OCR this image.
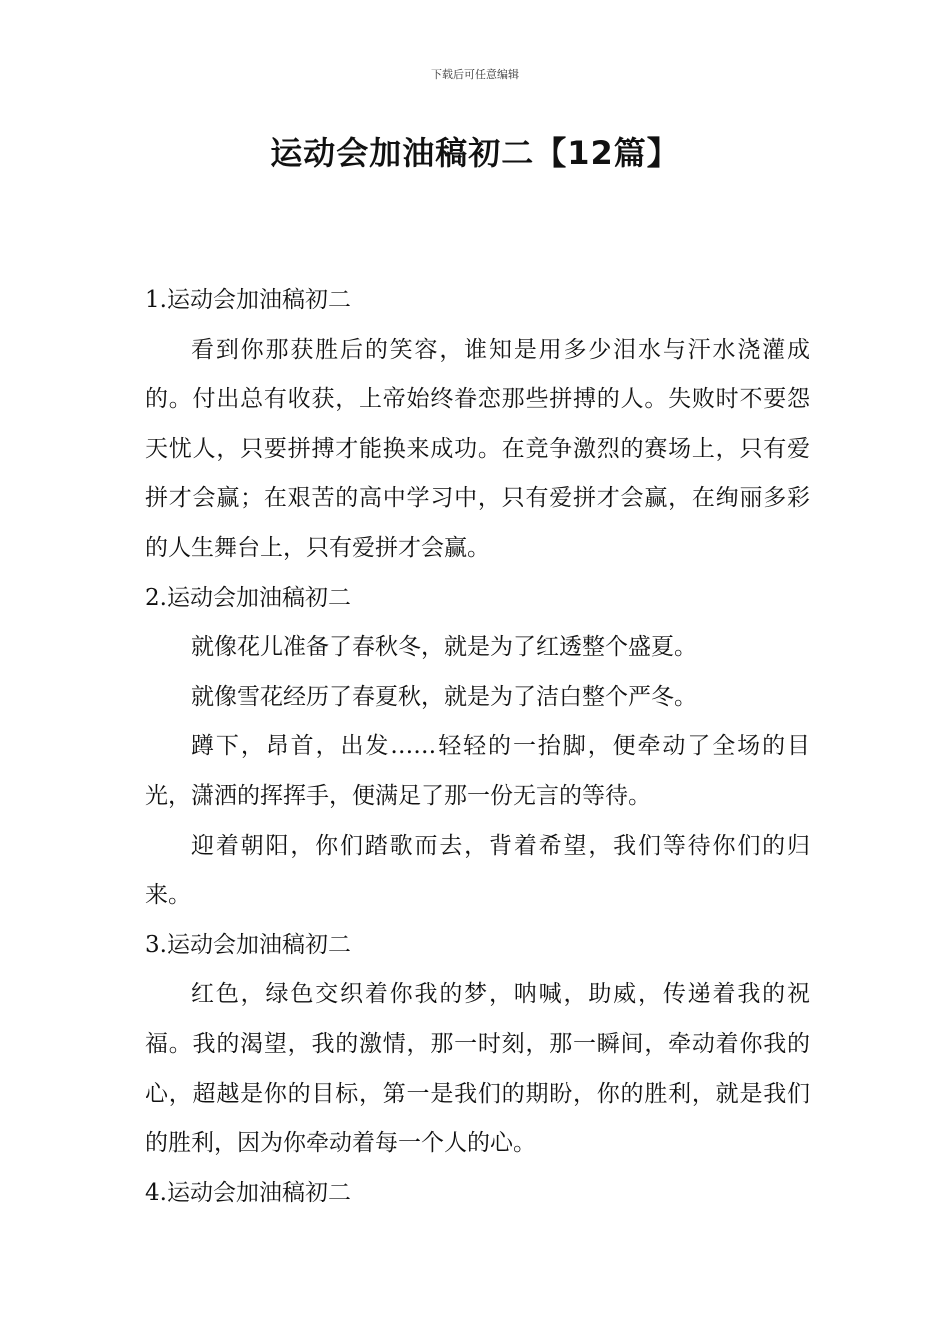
下载后可任意编辑
运动会加油稿初二【12篇】

1.运动会加油稿初二

看到你那获胜后的笑容，谁知是用多少泪水与汗水浇灌成的。付出总有收获，上帝始终眷恋那些拼搏的人。失败时不要怨天忧人，只要拼搏才能换来成功。在竞争激烈的赛场上，只有爱拼才会赢；在艰苦的高中学习中，只有爱拼才会赢，在绚丽多彩的人生舞台上，只有爱拼才会赢。

2.运动会加油稿初二

就像花儿准备了春秋冬，就是为了红透整个盛夏。

就像雪花经历了春夏秋，就是为了洁白整个严冬。

蹲下，昂首，出发……轻轻的一抬脚，便牵动了全场的目光，潇洒的挥挥手，便满足了那一份无言的等待。

迎着朝阳，你们踏歌而去，背着希望，我们等待你们的归来。

3.运动会加油稿初二

红色，绿色交织着你我的梦，呐喊，助威，传递着我的祝福。我的渴望，我的激情，那一时刻，那一瞬间，牵动着你我的心，超越是你的目标，第一是我们的期盼，你的胜利，就是我们的胜利，因为你牵动着每一个人的心。

4.运动会加油稿初二
